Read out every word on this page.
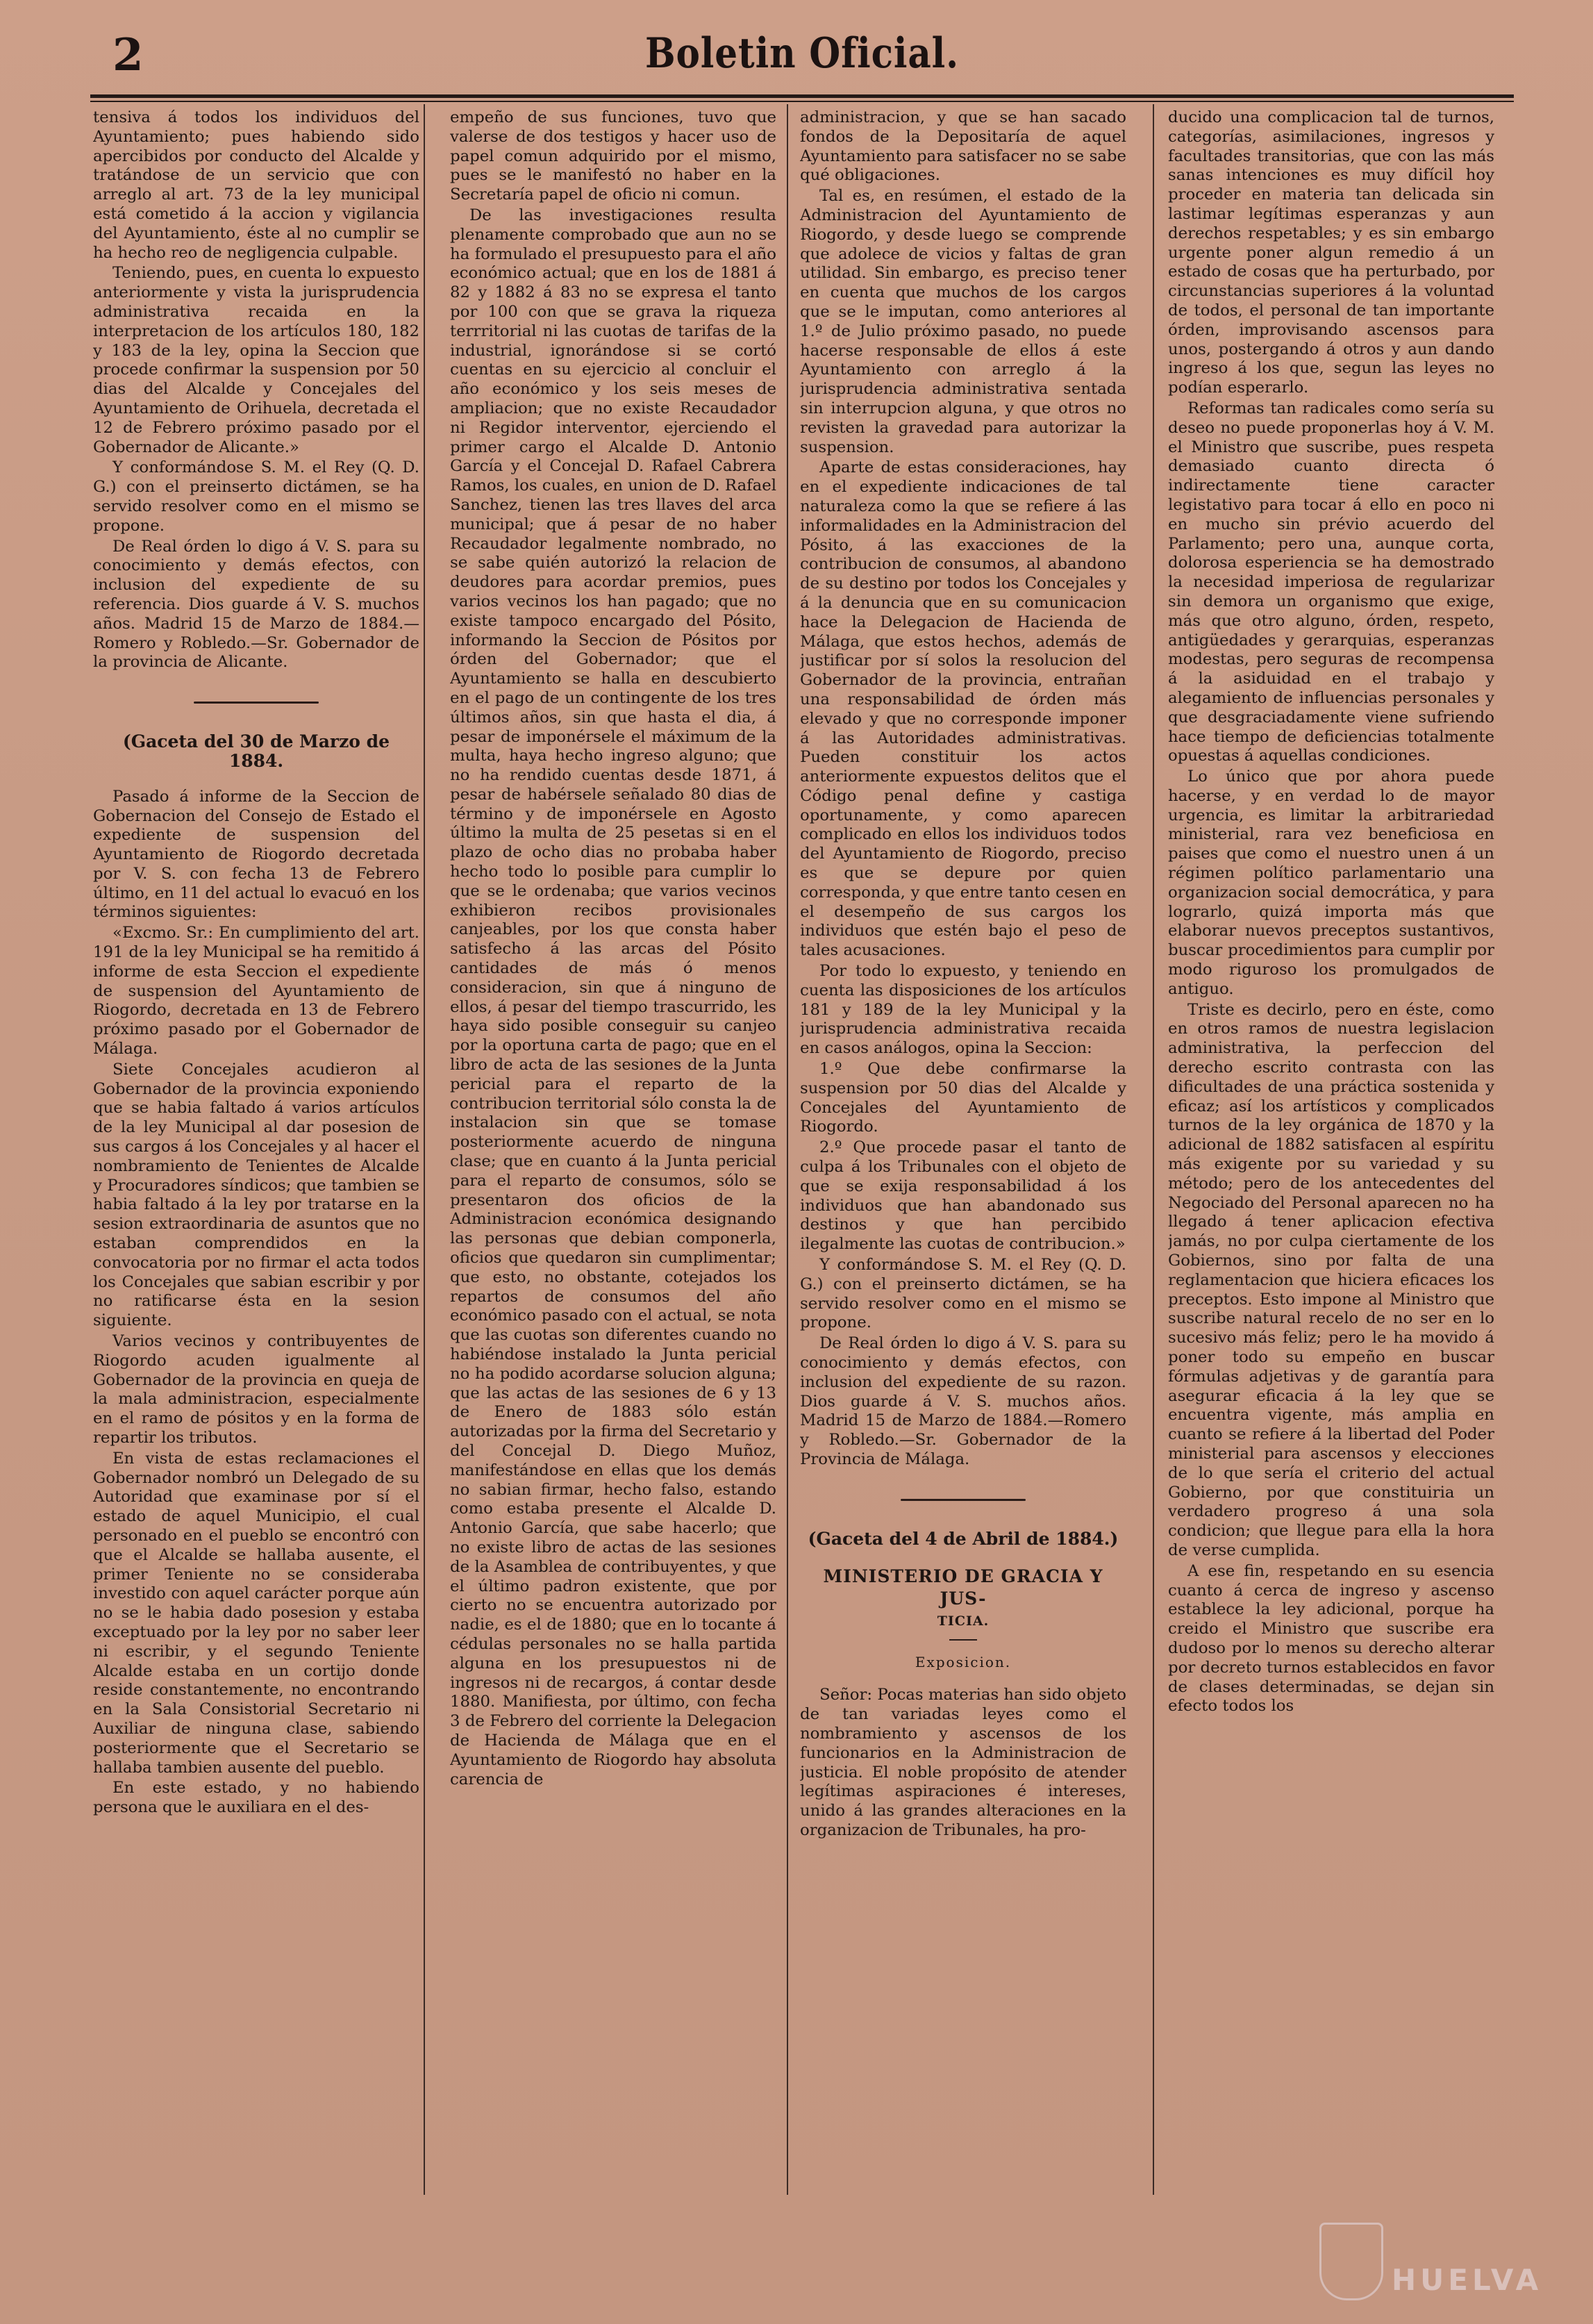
2	Boletin Oficial.

tensiva á todos los individuos del Ayuntamiento; pues habiendo sido apercibidos por conducto del Alcalde y tratándose de un servicio que con arreglo al art. 73 de la ley municipal está cometido á la accion y vigilancia del Ayuntamiento, éste al no cumplir se ha hecho reo de negligencia culpable.

Teniendo, pues, en cuenta lo expuesto anteriormente y vista la jurisprudencia administrativa recaida en la interpretacion de los artículos 180, 182 y 183 de la ley, opina la Seccion que procede confirmar la suspension por 50 dias del Alcalde y Concejales del Ayuntamiento de Orihuela, decretada el 12 de Febrero próximo pasado por el Gobernador de Alicante.»

Y conformándose S. M. el Rey (Q. D. G.) con el preinserto dictámen, se ha servido resolver como en el mismo se propone.

De Real órden lo digo á V. S. para su conocimiento y demás efectos, con inclusion del expediente de su referencia. Dios guarde á V. S. muchos años. Madrid 15 de Marzo de 1884.—Romero y Robledo.—Sr. Gobernador de la provincia de Alicante.

(Gaceta del 30 de Marzo de 1884.

Pasado á informe de la Seccion de Gobernacion del Consejo de Estado el expediente de suspension del Ayuntamiento de Riogordo decretada por V. S. con fecha 13 de Febrero último, en 11 del actual lo evacuó en los términos siguientes:

«Excmo. Sr.: En cumplimiento del art. 191 de la ley Municipal se ha remitido á informe de esta Seccion el expediente de suspension del Ayuntamiento de Riogordo, decretada en 13 de Febrero próximo pasado por el Gobernador de Málaga.

Siete Concejales acudieron al Gobernador de la provincia exponiendo que se habia faltado á varios artículos de la ley Municipal al dar posesion de sus cargos á los Concejales y al hacer el nombramiento de Tenientes de Alcalde y Procuradores síndicos; que tambien se habia faltado á la ley por tratarse en la sesion extraordinaria de asuntos que no estaban comprendidos en la convocatoria por no firmar el acta todos los Concejales que sabian escribir y por no ratificarse ésta en la sesion siguiente.

Varios vecinos y contribuyentes de Riogordo acuden igualmente al Gobernador de la provincia en queja de la mala administracion, especialmente en el ramo de pósitos y en la forma de repartir los tributos.

En vista de estas reclamaciones el Gobernador nombró un Delegado de su Autoridad que examinase por sí el estado de aquel Municipio, el cual personado en el pueblo se encontró con que el Alcalde se hallaba ausente, el primer Teniente no se consideraba investido con aquel carácter porque aún no se le habia dado posesion y estaba exceptuado por la ley por no saber leer ni escribir, y el segundo Teniente Alcalde estaba en un cortijo donde reside constantemente, no encontrando en la Sala Consistorial Secretario ni Auxiliar de ninguna clase, sabiendo posteriormente que el Secretario se hallaba tambien ausente del pueblo.

En este estado, y no habiendo persona que le auxiliara en el des-

empeño de sus funciones, tuvo que valerse de dos testigos y hacer uso de papel comun adquirido por el mismo, pues se le manifestó no haber en la Secretaría papel de oficio ni comun.

De las investigaciones resulta plenamente comprobado que aun no se ha formulado el presupuesto para el año económico actual; que en los de 1881 á 82 y 1882 á 83 no se expresa el tanto por 100 con que se grava la riqueza terrritorial ni las cuotas de tarifas de la industrial, ignorándose si se cortó cuentas en su ejercicio al concluir el año económico y los seis meses de ampliacion; que no existe Recaudador ni Regidor interventor, ejerciendo el primer cargo el Alcalde D. Antonio García y el Concejal D. Rafael Cabrera Ramos, los cuales, en union de D. Rafael Sanchez, tienen las tres llaves del arca municipal; que á pesar de no haber Recaudador legalmente nombrado, no se sabe quién autorizó la relacion de deudores para acordar premios, pues varios vecinos los han pagado; que no existe tampoco encargado del Pósito, informando la Seccion de Pósitos por órden del Gobernador; que el Ayuntamiento se halla en descubierto en el pago de un contingente de los tres últimos años, sin que hasta el dia, á pesar de imponérsele el máximum de la multa, haya hecho ingreso alguno; que no ha rendido cuentas desde 1871, á pesar de habérsele señalado 80 dias de término y de imponérsele en Agosto último la multa de 25 pesetas si en el plazo de ocho dias no probaba haber hecho todo lo posible para cumplir lo que se le ordenaba; que varios vecinos exhibieron recibos provisionales canjeables, por los que consta haber satisfecho á las arcas del Pósito cantidades de más ó menos consideracion, sin que á ninguno de ellos, á pesar del tiempo trascurrido, les haya sido posible conseguir su canjeo por la oportuna carta de pago; que en el libro de acta de las sesiones de la Junta pericial para el reparto de la contribucion territorial sólo consta la de instalacion sin que se tomase posteriormente acuerdo de ninguna clase; que en cuanto á la Junta pericial para el reparto de consumos, sólo se presentaron dos oficios de la Administracion económica designando las personas que debian componerla, oficios que quedaron sin cumplimentar; que esto, no obstante, cotejados los repartos de consumos del año económico pasado con el actual, se nota que las cuotas son diferentes cuando no habiéndose instalado la Junta pericial no ha podido acordarse solucion alguna; que las actas de las sesiones de 6 y 13 de Enero de 1883 sólo están autorizadas por la firma del Secretario y del Concejal D. Diego Muñoz, manifestándose en ellas que los demás no sabian firmar, hecho falso, estando como estaba presente el Alcalde D. Antonio García, que sabe hacerlo; que no existe libro de actas de las sesiones de la Asamblea de contribuyentes, y que el último padron existente, que por cierto no se encuentra autorizado por nadie, es el de 1880; que en lo tocante á cédulas personales no se halla partida alguna en los presupuestos ni de ingresos ni de recargos, á contar desde 1880. Manifiesta, por último, con fecha 3 de Febrero del corriente la Delegacion de Hacienda de Málaga que en el Ayuntamiento de Riogordo hay absoluta carencia de

administracion, y que se han sacado fondos de la Depositaría de aquel Ayuntamiento para satisfacer no se sabe qué obligaciones.

Tal es, en resúmen, el estado de la Administracion del Ayuntamiento de Riogordo, y desde luego se comprende que adolece de vicios y faltas de gran utilidad. Sin embargo, es preciso tener en cuenta que muchos de los cargos que se le imputan, como anteriores al 1.º de Julio próximo pasado, no puede hacerse responsable de ellos á este Ayuntamiento con arreglo á la jurisprudencia administrativa sentada sin interrupcion alguna, y que otros no revisten la gravedad para autorizar la suspension.

Aparte de estas consideraciones, hay en el expediente indicaciones de tal naturaleza como la que se refiere á las informalidades en la Administracion del Pósito, á las exacciones de la contribucion de consumos, al abandono de su destino por todos los Concejales y á la denuncia que en su comunicacion hace la Delegacion de Hacienda de Málaga, que estos hechos, además de justificar por sí solos la resolucion del Gobernador de la provincia, entrañan una responsabilidad de órden más elevado y que no corresponde imponer á las Autoridades administrativas. Pueden constituir los actos anteriormente expuestos delitos que el Código penal define y castiga oportunamente, y como aparecen complicado en ellos los individuos todos del Ayuntamiento de Riogordo, preciso es que se depure por quien corresponda, y que entre tanto cesen en el desempeño de sus cargos los individuos que estén bajo el peso de tales acusaciones.

Por todo lo expuesto, y teniendo en cuenta las disposiciones de los artículos 181 y 189 de la ley Municipal y la jurisprudencia administrativa recaida en casos análogos, opina la Seccion:

1.º Que debe confirmarse la suspension por 50 dias del Alcalde y Concejales del Ayuntamiento de Riogordo.

2.º Que procede pasar el tanto de culpa á los Tribunales con el objeto de que se exija responsabilidad á los individuos que han abandonado sus destinos y que han percibido ilegalmente las cuotas de contribucion.»

Y conformándose S. M. el Rey (Q. D. G.) con el preinserto dictámen, se ha servido resolver como en el mismo se propone.

De Real órden lo digo á V. S. para su conocimiento y demás efectos, con inclusion del expediente de su razon. Dios guarde á V. S. muchos años. Madrid 15 de Marzo de 1884.—Romero y Robledo.—Sr. Gobernador de la Provincia de Málaga.

(Gaceta del 4 de Abril de 1884.)
MINISTERIO DE GRACIA Y JUS-
TICIA.
Exposicion.

Señor: Pocas materias han sido objeto de tan variadas leyes como el nombramiento y ascensos de los funcionarios en la Administracion de justicia. El noble propósito de atender legítimas aspiraciones é intereses, unido á las grandes alteraciones en la organizacion de Tribunales, ha pro-

ducido una complicacion tal de turnos, categorías, asimilaciones, ingresos y facultades transitorias, que con las más sanas intenciones es muy difícil hoy proceder en materia tan delicada sin lastimar legítimas esperanzas y aun derechos respetables; y es sin embargo urgente poner algun remedio á un estado de cosas que ha perturbado, por circunstancias superiores á la voluntad de todos, el personal de tan importante órden, improvisando ascensos para unos, postergando á otros y aun dando ingreso á los que, segun las leyes no podían esperarlo.

Reformas tan radicales como sería su deseo no puede proponerlas hoy á V. M. el Ministro que suscribe, pues respeta demasiado cuanto directa ó indirectamente tiene caracter legistativo para tocar á ello en poco ni en mucho sin prévio acuerdo del Parlamento; pero una, aunque corta, dolorosa esperiencia se ha demostrado la necesidad imperiosa de regularizar sin demora un organismo que exige, más que otro alguno, órden, respeto, antigüedades y gerarquias, esperanzas modestas, pero seguras de recompensa á la asiduidad en el trabajo y alegamiento de influencias personales y que desgraciadamente viene sufriendo hace tiempo de deficiencias totalmente opuestas á aquellas condiciones.

Lo único que por ahora puede hacerse, y en verdad lo de mayor urgencia, es limitar la arbitrariedad ministerial, rara vez beneficiosa en paises que como el nuestro unen á un régimen político parlamentario una organizacion social democrática, y para lograrlo, quizá importa más que elaborar nuevos preceptos sustantivos, buscar procedimientos para cumplir por modo riguroso los promulgados de antiguo.

Triste es decirlo, pero en éste, como en otros ramos de nuestra legislacion administrativa, la perfeccion del derecho escrito contrasta con las dificultades de una práctica sostenida y eficaz; así los artísticos y complicados turnos de la ley orgánica de 1870 y la adicional de 1882 satisfacen al espíritu más exigente por su variedad y su método; pero de los antecedentes del Negociado del Personal aparecen no ha llegado á tener aplicacion efectiva jamás, no por culpa ciertamente de los Gobiernos, sino por falta de una reglamentacion que hiciera eficaces los preceptos. Esto impone al Ministro que suscribe natural recelo de no ser en lo sucesivo más feliz; pero le ha movido á poner todo su empeño en buscar fórmulas adjetivas y de garantía para asegurar eficacia á la ley que se encuentra vigente, más amplia en cuanto se refiere á la libertad del Poder ministerial para ascensos y elecciones de lo que sería el criterio del actual Gobierno, por que constituiria un verdadero progreso á una sola condicion; que llegue para ella la hora de verse cumplida.

A ese fin, respetando en su esencia cuanto á cerca de ingreso y ascenso establece la ley adicional, porque ha creido el Ministro que suscribe era dudoso por lo menos su derecho alterar por decreto turnos establecidos en favor de clases determinadas, se dejan sin efecto todos los

HUELVA
